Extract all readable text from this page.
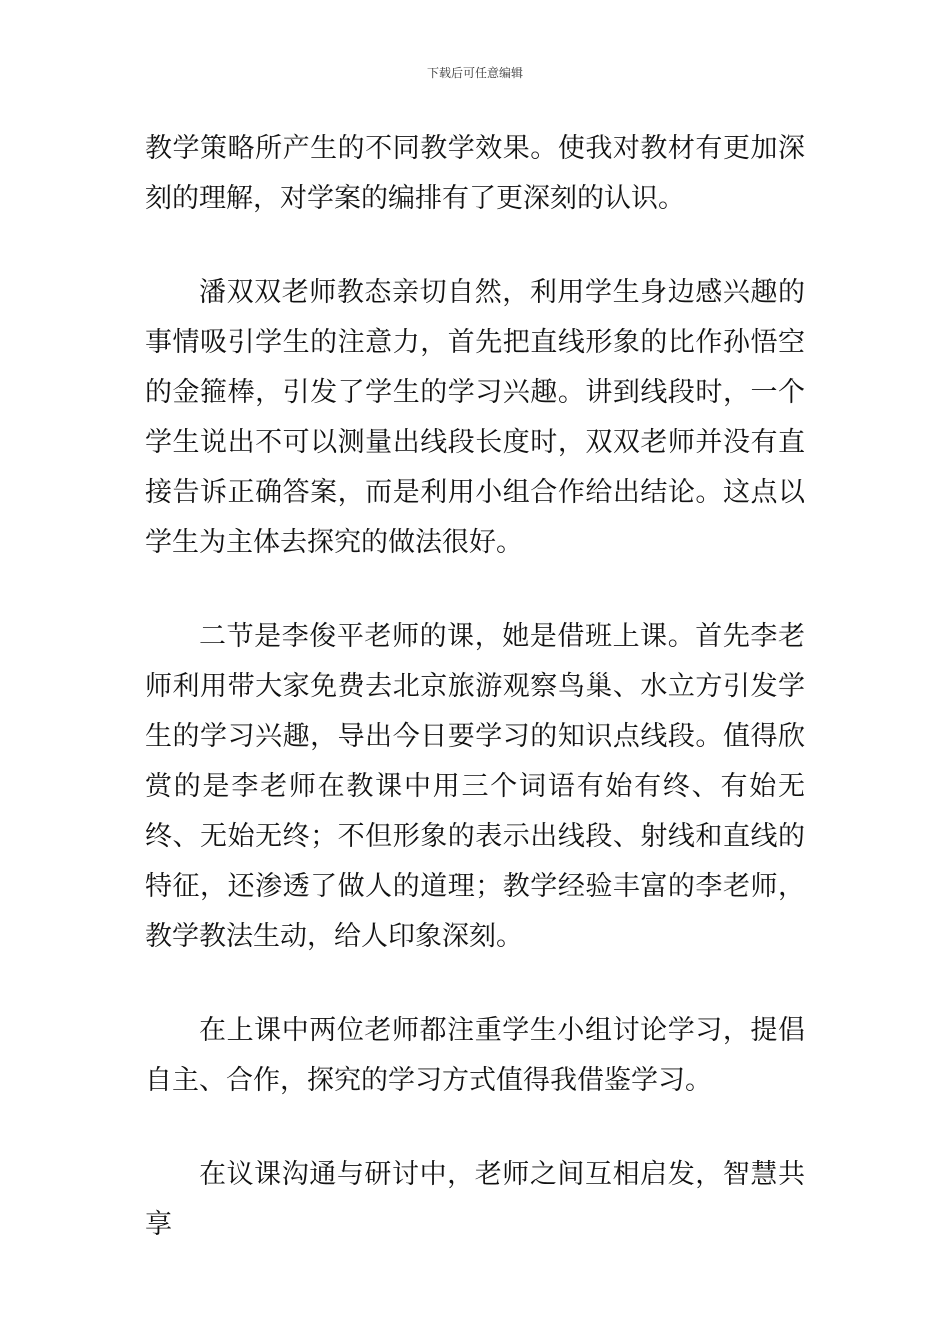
下载后可任意编辑

教学策略所产生的不同教学效果。使我对教材有更加深刻的理解，对学案的编排有了更深刻的认识。

潘双双老师教态亲切自然，利用学生身边感兴趣的事情吸引学生的注意力，首先把直线形象的比作孙悟空的金箍棒，引发了学生的学习兴趣。讲到线段时，一个学生说出不可以测量出线段长度时，双双老师并没有直接告诉正确答案，而是利用小组合作给出结论。这点以学生为主体去探究的做法很好。

二节是李俊平老师的课，她是借班上课。首先李老师利用带大家免费去北京旅游观察鸟巢、水立方引发学生的学习兴趣，导出今日要学习的知识点线段。值得欣赏的是李老师在教课中用三个词语有始有终、有始无终、无始无终；不但形象的表示出线段、射线和直线的特征，还渗透了做人的道理；教学经验丰富的李老师，教学教法生动，给人印象深刻。

在上课中两位老师都注重学生小组讨论学习，提倡自主、合作，探究的学习方式值得我借鉴学习。

在议课沟通与研讨中，老师之间互相启发，智慧共享
